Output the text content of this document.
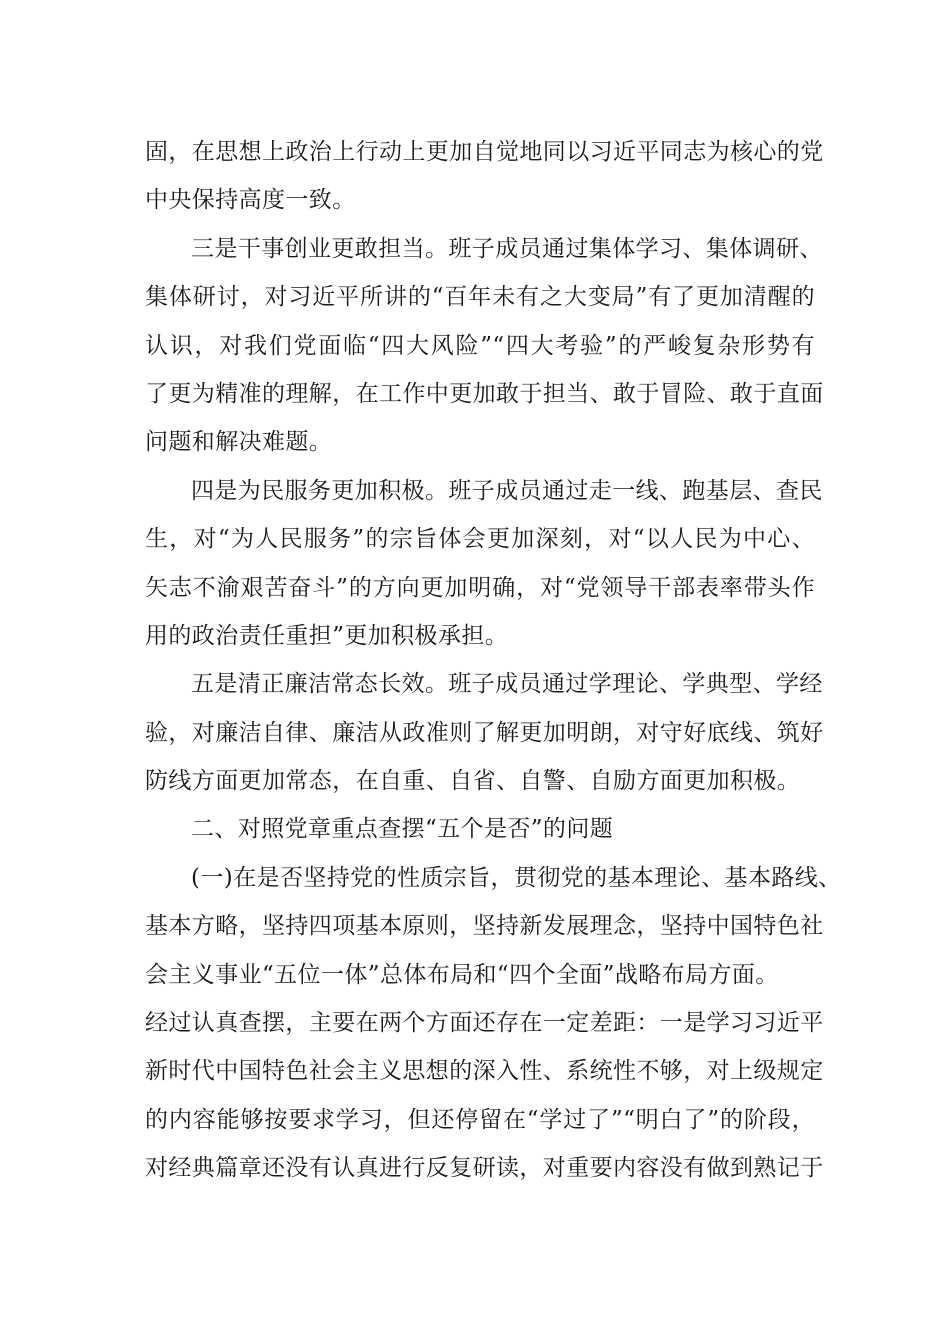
固，在思想上政治上行动上更加自觉地同以习近平同志为核心的党
中央保持高度一致。
三是干事创业更敢担当。班子成员通过集体学习、集体调研、
集体研讨，对习近平所讲的“百年未有之大变局”有了更加清醒的
认识，对我们党面临“四大风险”“四大考验”的严峻复杂形势有
了更为精准的理解，在工作中更加敢于担当、敢于冒险、敢于直面
问题和解决难题。
四是为民服务更加积极。班子成员通过走一线、跑基层、查民
生，对“为人民服务”的宗旨体会更加深刻，对“以人民为中心、
矢志不渝艰苦奋斗”的方向更加明确，对“党领导干部表率带头作
用的政治责任重担”更加积极承担。
五是清正廉洁常态长效。班子成员通过学理论、学典型、学经
验，对廉洁自律、廉洁从政准则了解更加明朗，对守好底线、筑好
防线方面更加常态，在自重、自省、自警、自励方面更加积极。
二、对照党章重点查摆“五个是否”的问题
(一)在是否坚持党的性质宗旨，贯彻党的基本理论、基本路线、
基本方略，坚持四项基本原则，坚持新发展理念，坚持中国特色社
会主义事业“五位一体”总体布局和“四个全面”战略布局方面。
经过认真查摆，主要在两个方面还存在一定差距：一是学习习近平
新时代中国特色社会主义思想的深入性、系统性不够，对上级规定
的内容能够按要求学习，但还停留在“学过了”“明白了”的阶段，
对经典篇章还没有认真进行反复研读，对重要内容没有做到熟记于
